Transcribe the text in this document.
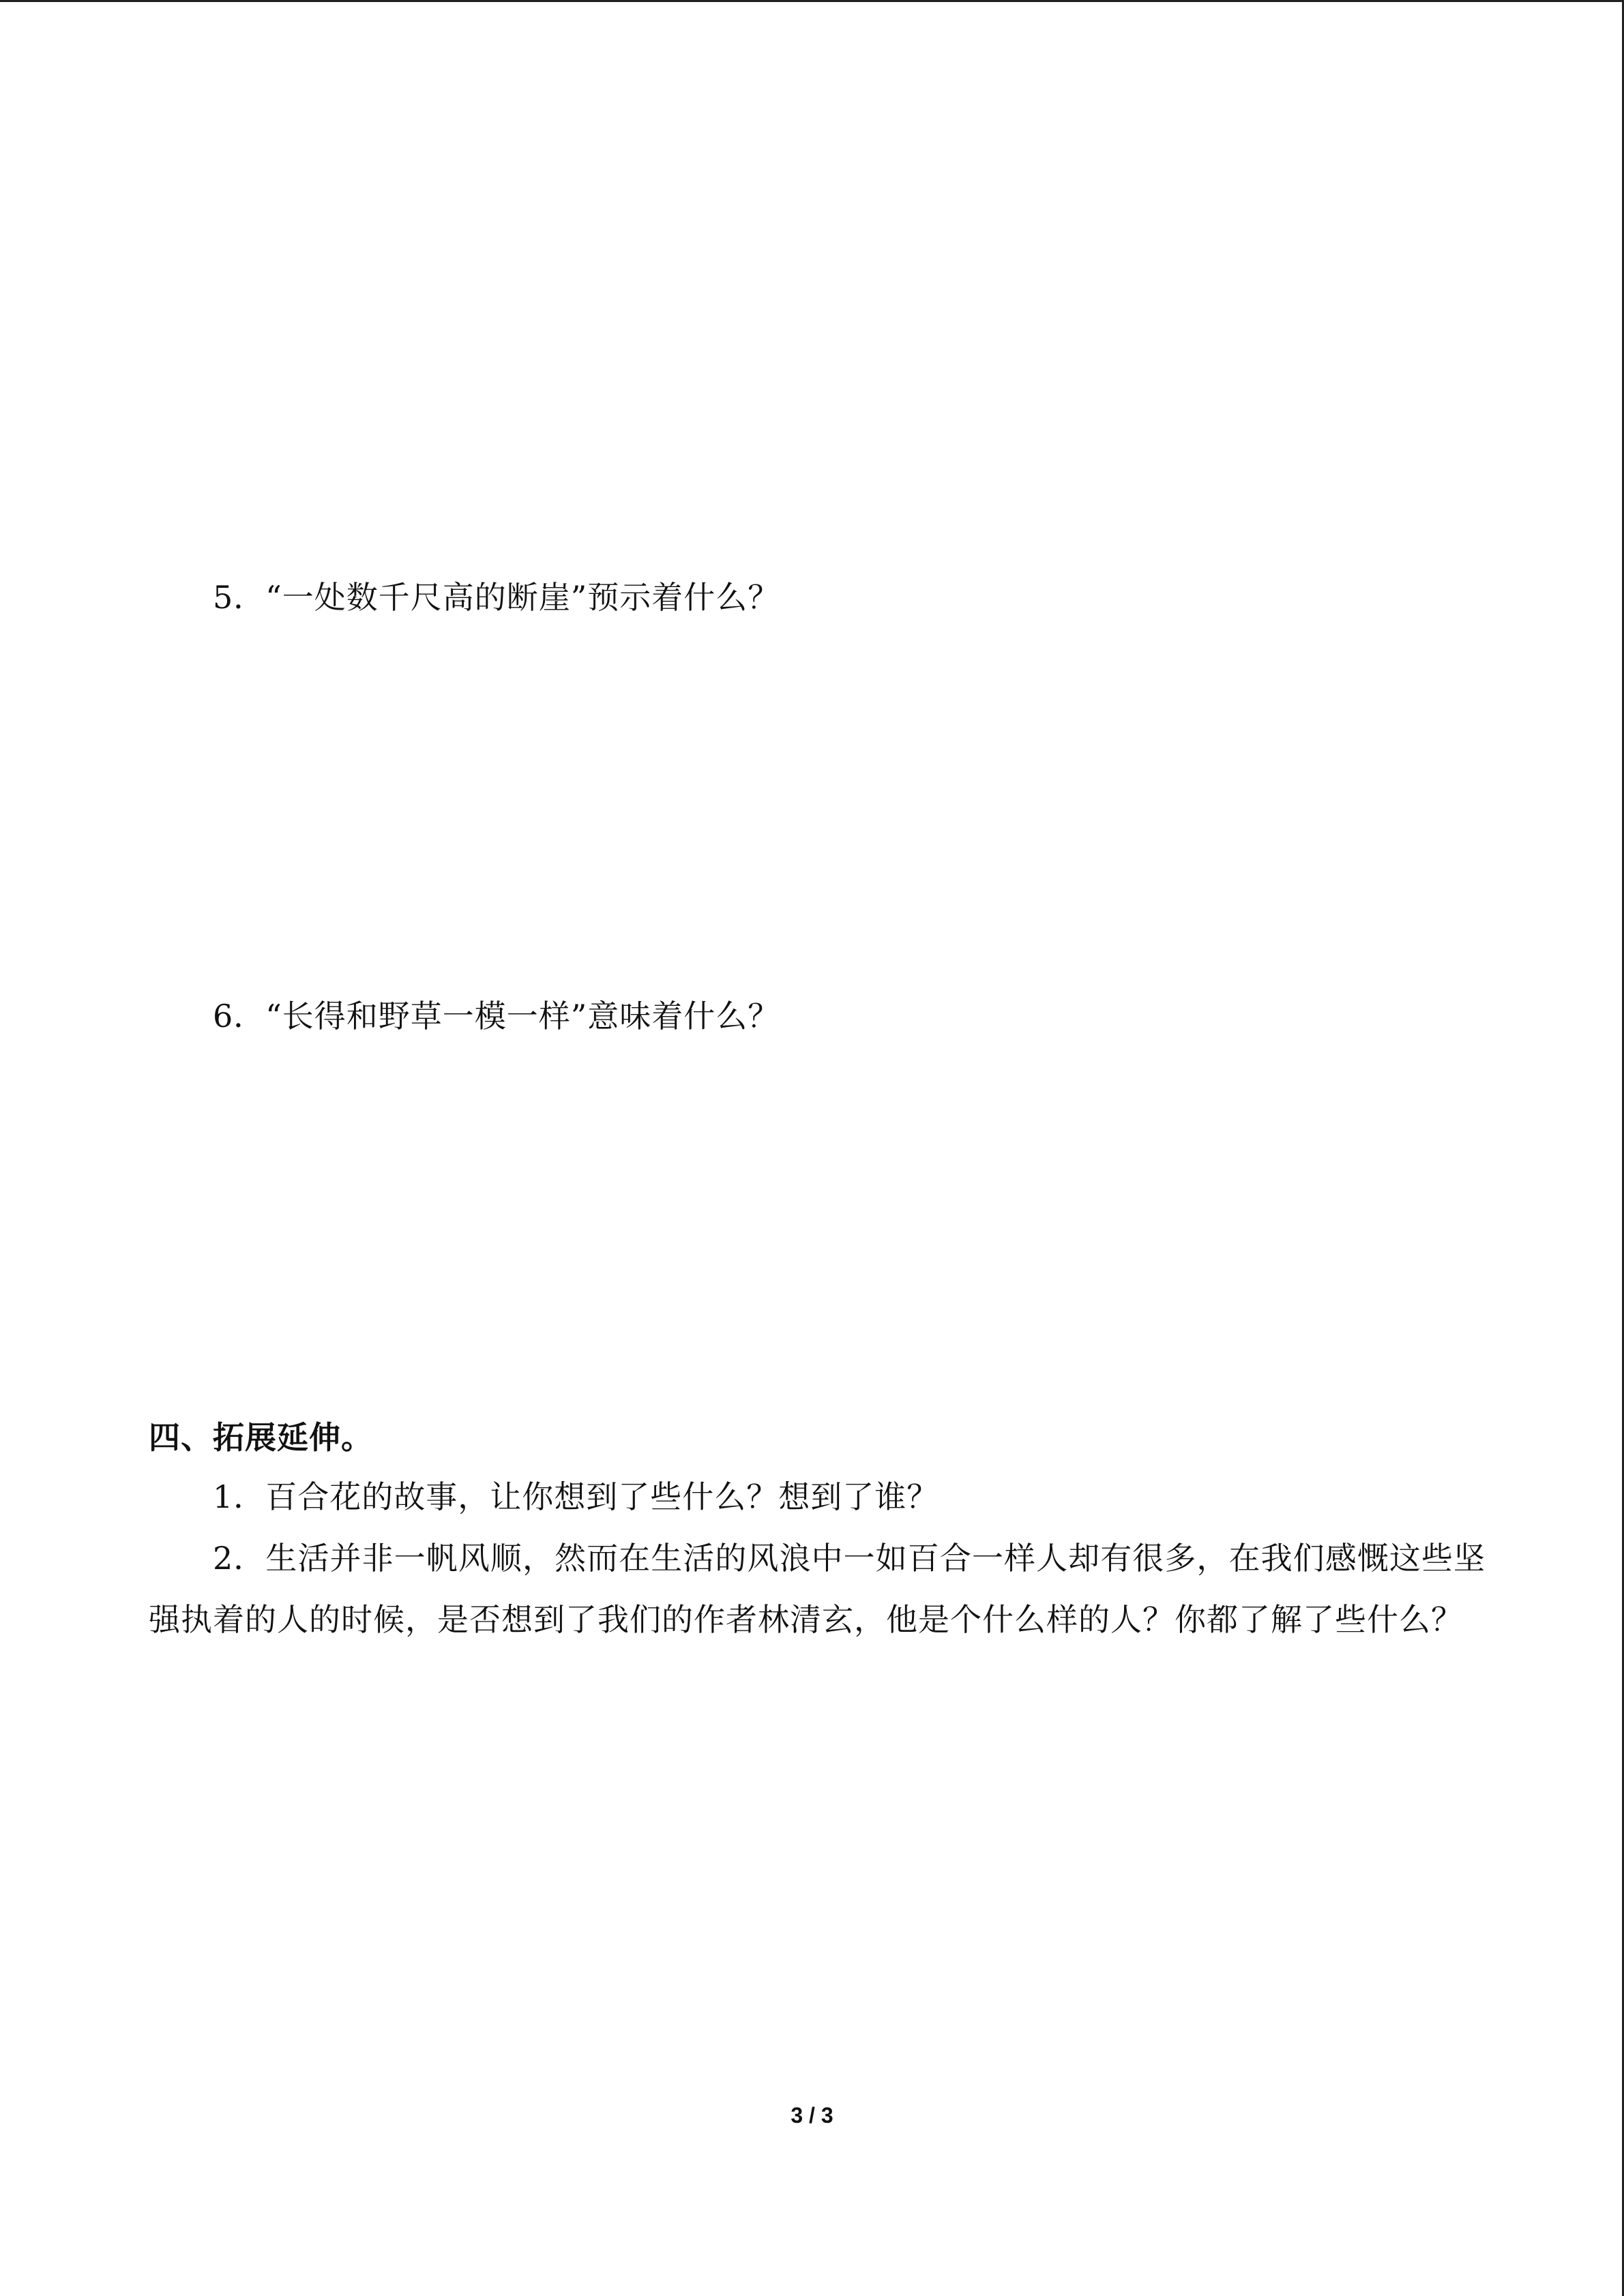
5．“一处数千尺高的断崖”预示着什么？
6．“长得和野草一模一样”意味着什么？
四、拓展延伸。
1．百合花的故事，让你想到了些什么？想到了谁？
2．生活并非一帆风顺，然而在生活的风浪中一如百合一样人却有很多，在我们感慨这些坚强执着的人的时候，是否想到了我们的作者林清玄，他是个什么样的人？你都了解了些什么？
3 / 3
